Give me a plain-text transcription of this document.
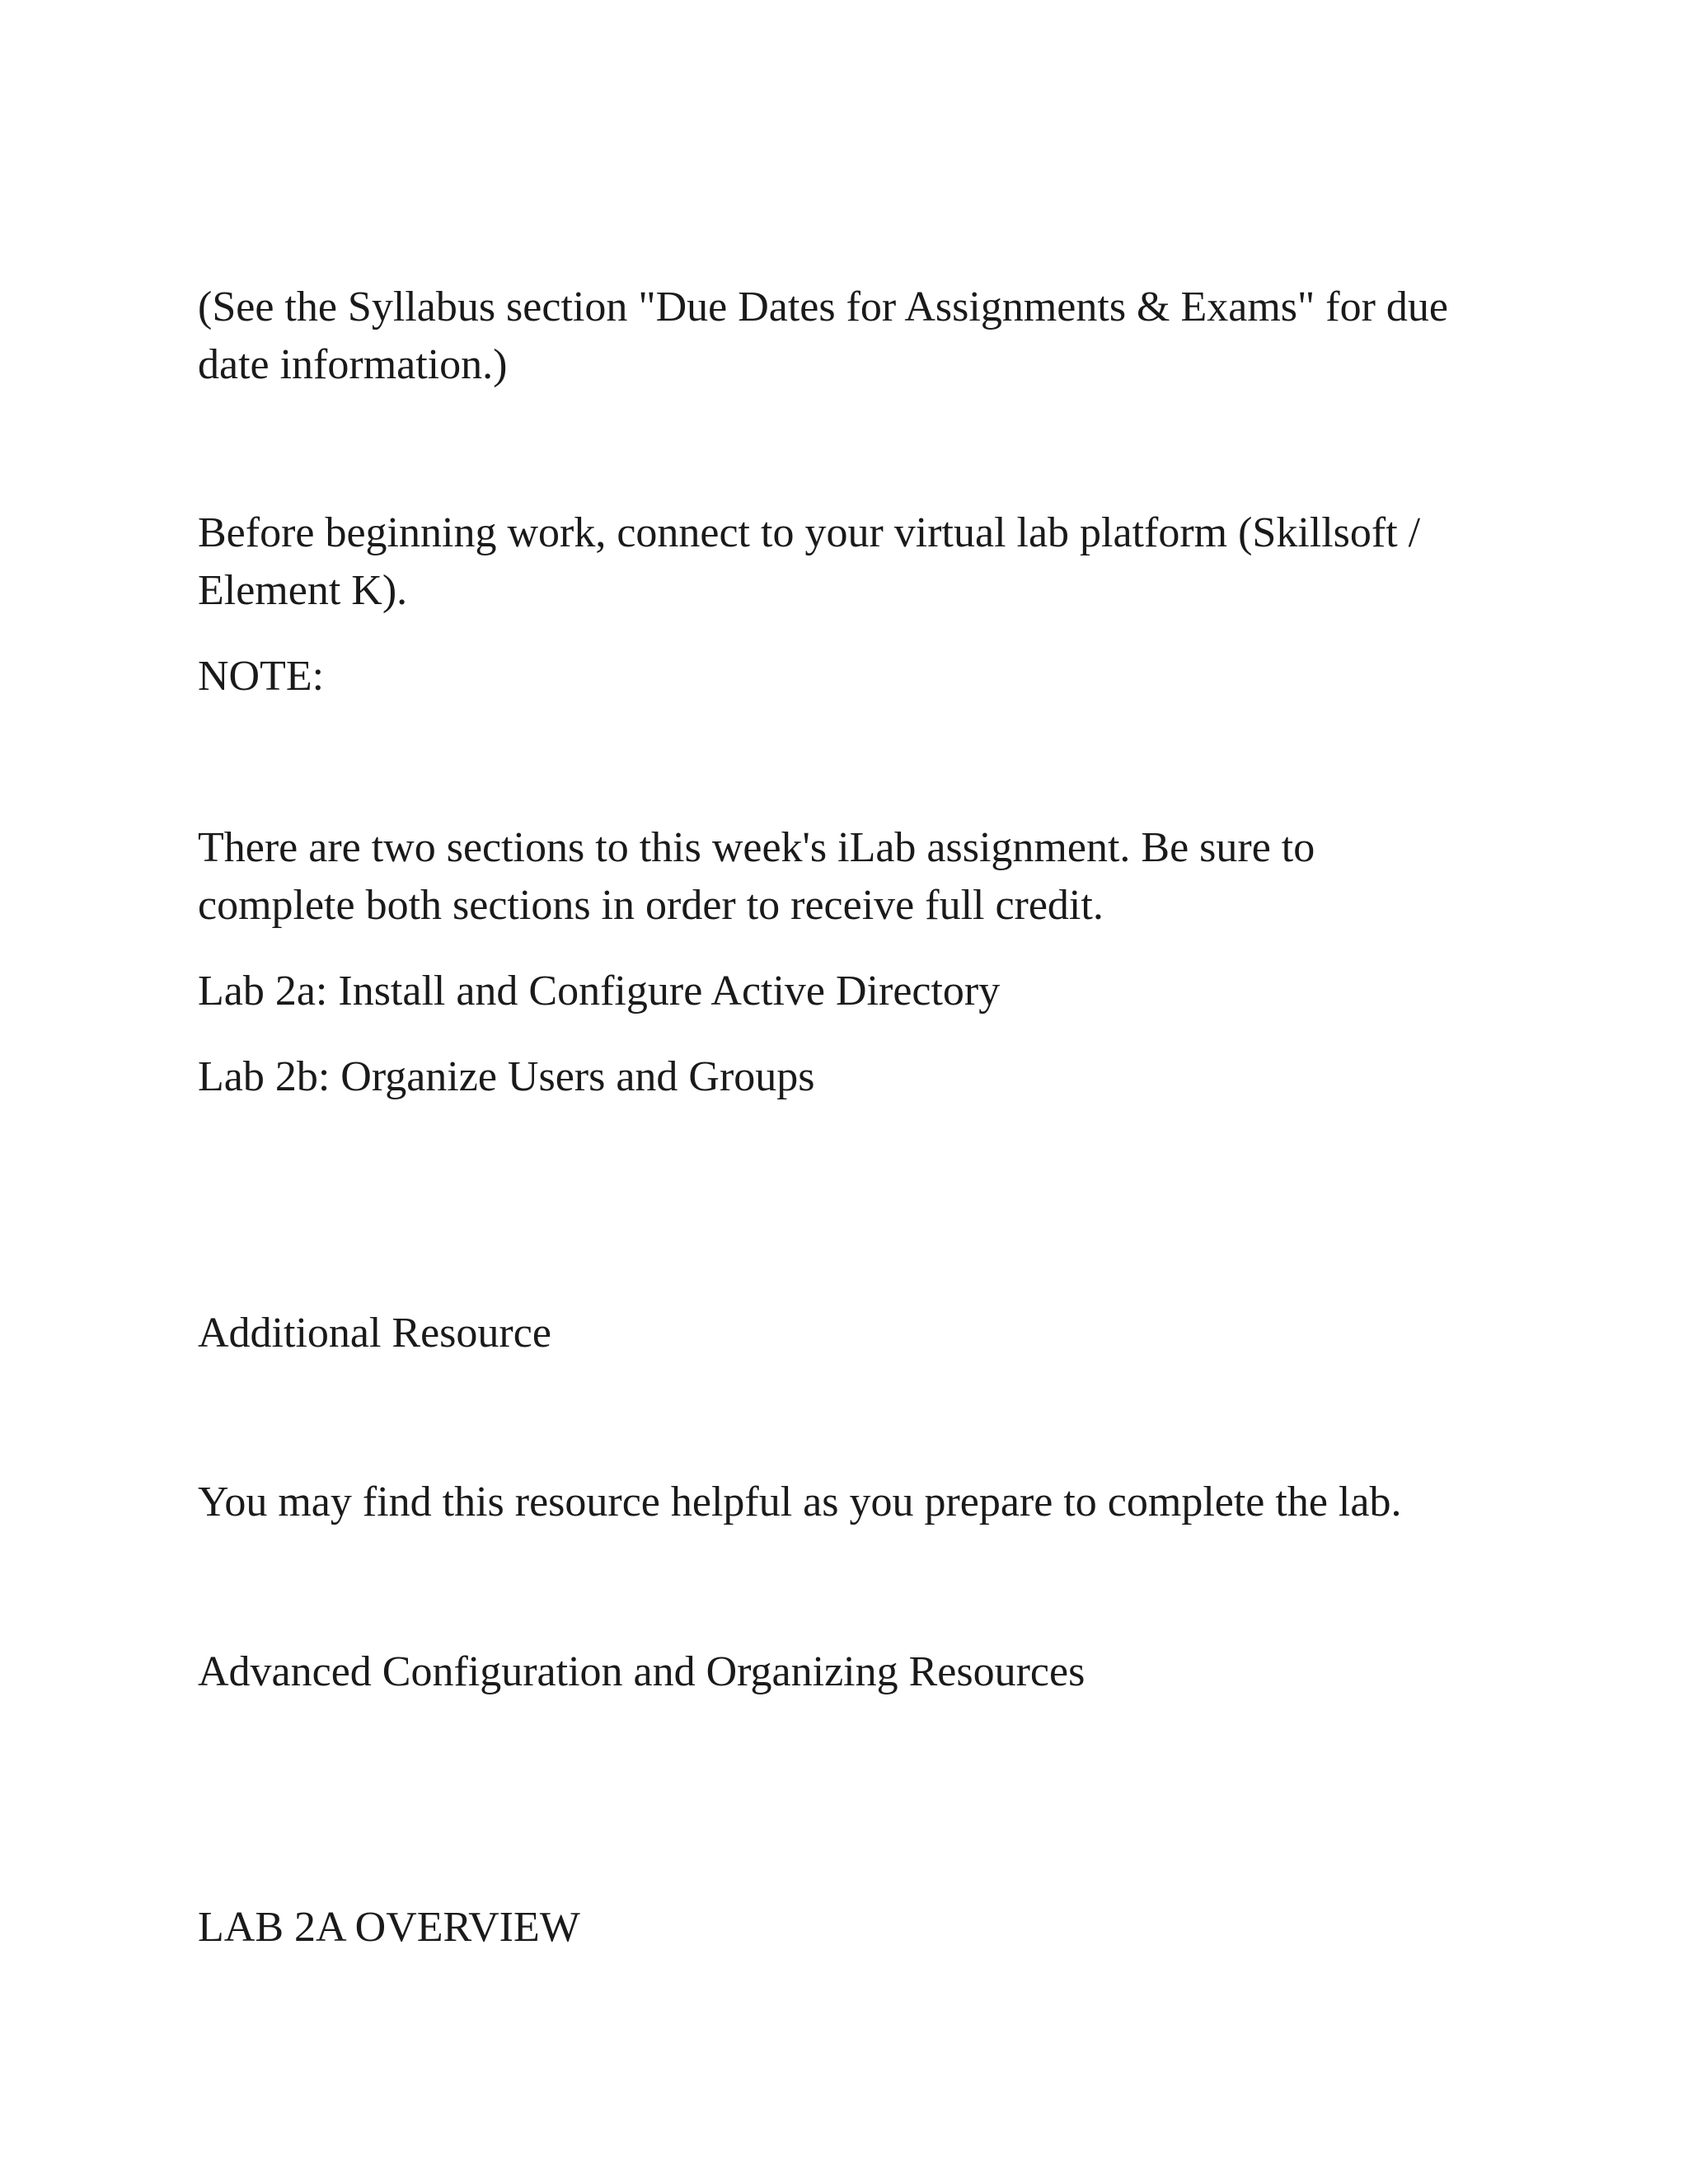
(See the Syllabus section "Due Dates for Assignments & Exams" for due
date information.)

Before beginning work, connect to your virtual lab platform (Skillsoft /
Element K).

NOTE:

There are two sections to this week's iLab assignment. Be sure to
complete both sections in order to receive full credit.

Lab 2a: Install and Configure Active Directory

Lab 2b: Organize Users and Groups

Additional Resource

You may find this resource helpful as you prepare to complete the lab.

Advanced Configuration and Organizing Resources

LAB 2A OVERVIEW
